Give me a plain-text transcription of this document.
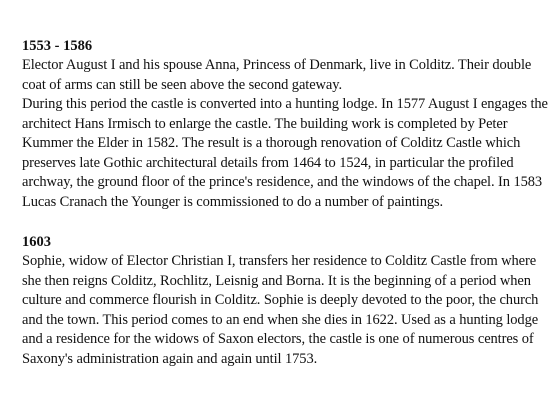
1553 - 1586

Elector August I and his spouse Anna, Princess of Denmark, live in Colditz. Their double coat of arms can still be seen above the second gateway.

During this period the castle is converted into a hunting lodge. In 1577 August I engages the architect Hans Irmisch to enlarge the castle. The building work is completed by Peter Kummer the Elder in 1582. The result is a thorough renovation of Colditz Castle which preserves late Gothic architectural details from 1464 to 1524, in particular the profiled archway, the ground floor of the prince's residence, and the windows of the chapel. In 1583 Lucas Cranach the Younger is commissioned to do a number of paintings.

1603

Sophie, widow of Elector Christian I, transfers her residence to Colditz Castle from where she then reigns Colditz, Rochlitz, Leisnig and Borna. It is the beginning of a period when culture and commerce flourish in Colditz. Sophie is deeply devoted to the poor, the church and the town. This period comes to an end when she dies in 1622. Used as a hunting lodge and a residence for the widows of Saxon electors, the castle is one of numerous centres of Saxony's administration again and again until 1753.
